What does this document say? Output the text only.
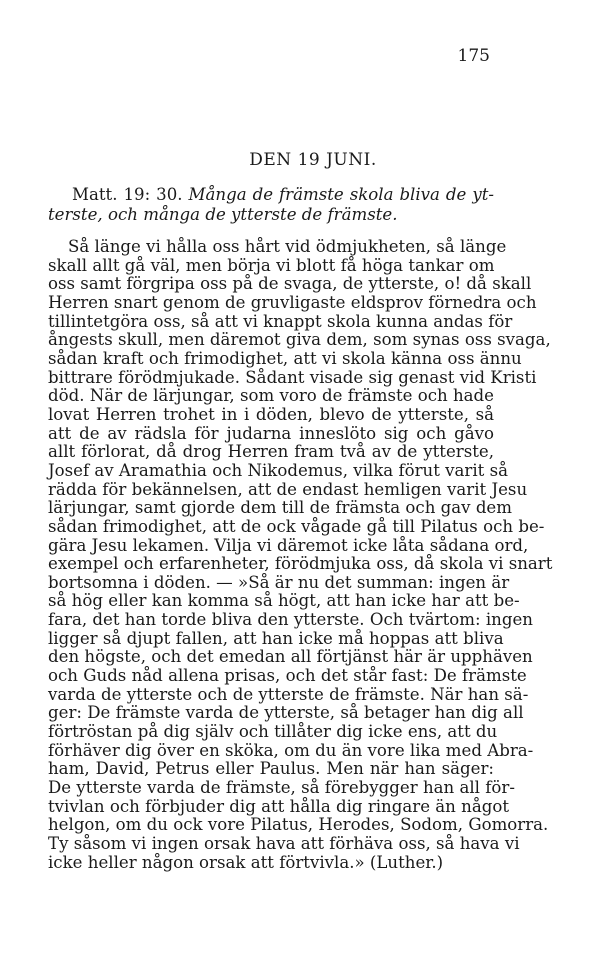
175
DEN 19 JUNI.
Matt. 19: 30. Många de främste skola bliva de yt-
terste, och många de ytterste de främste.
Så länge vi hålla oss hårt vid ödmjukheten, så länge
skall allt gå väl, men börja vi blott få höga tankar om
oss samt förgripa oss på de svaga, de ytterste, o! då skall
Herren snart genom de gruvligaste eldsprov förnedra och
tillintetgöra oss, så att vi knappt skola kunna andas för
ångests skull, men däremot giva dem, som synas oss svaga,
sådan kraft och frimodighet, att vi skola känna oss ännu
bittrare förödmjukade. Sådant visade sig genast vid Kristi
död. När de lärjungar, som voro de främste och hade
lovat Herren trohet in i döden, blevo de ytterste, så
att de av rädsla för judarna inneslöto sig och gåvo
allt förlorat, då drog Herren fram två av de ytterste,
Josef av Aramathia och Nikodemus, vilka förut varit så
rädda för bekännelsen, att de endast hemligen varit Jesu
lärjungar, samt gjorde dem till de främsta och gav dem
sådan frimodighet, att de ock vågade gå till Pilatus och be-
gära Jesu lekamen. Vilja vi däremot icke låta sådana ord,
exempel och erfarenheter, förödmjuka oss, då skola vi snart
bortsomna i döden. — »Så är nu det summan: ingen är
så hög eller kan komma så högt, att han icke har att be-
fara, det han torde bliva den ytterste. Och tvärtom: ingen
ligger så djupt fallen, att han icke må hoppas att bliva
den högste, och det emedan all förtjänst här är upphäven
och Guds nåd allena prisas, och det står fast: De främste
varda de ytterste och de ytterste de främste. När han sä-
ger: De främste varda de ytterste, så betager han dig all
förtröstan på dig själv och tillåter dig icke ens, att du
förhäver dig över en sköka, om du än vore lika med Abra-
ham, David, Petrus eller Paulus. Men när han säger:
De ytterste varda de främste, så förebygger han all för-
tvivlan och förbjuder dig att hålla dig ringare än något
helgon, om du ock vore Pilatus, Herodes, Sodom, Gomorra.
Ty såsom vi ingen orsak hava att förhäva oss, så hava vi
icke heller någon orsak att förtvivla.» (Luther.)
